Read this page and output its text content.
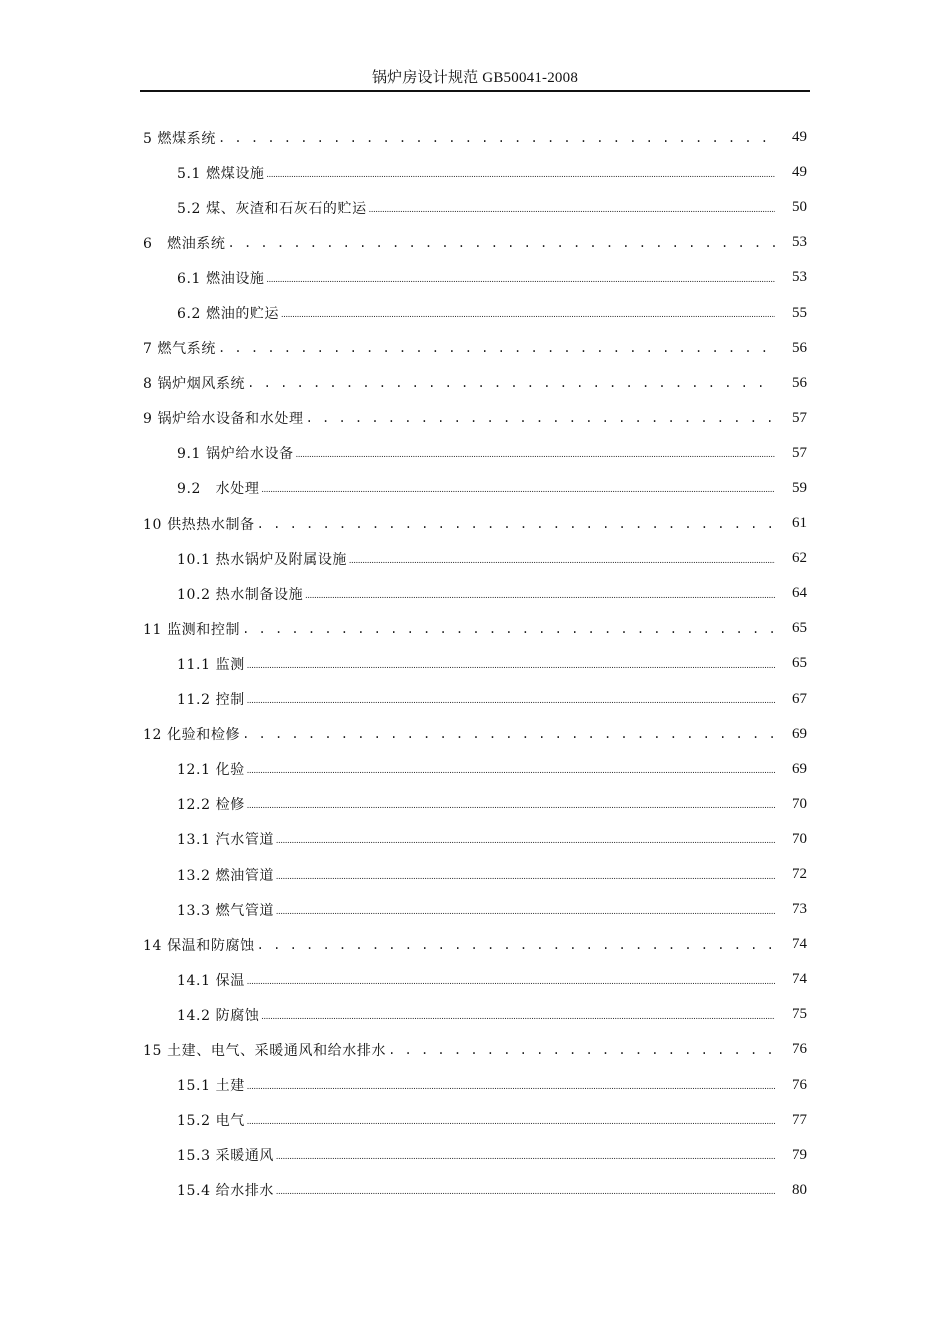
锅炉房设计规范 GB50041-2008
5 燃煤系统 . . .	49
5.1 燃煤设施 .....	49
5.2 煤、灰渣和石灰石的贮运 .....	50
6　燃油系统 . . .	53
6.1 燃油设施 .....	53
6.2 燃油的贮运 .....	55
7 燃气系统 . . .	56
8 锅炉烟风系统 . . .	56
9 锅炉给水设备和水处理 . . .	57
9.1 锅炉给水设备 .....	57
9.2　水处理 .....	59
10 供热热水制备 . . .	61
10.1 热水锅炉及附属设施 .....	62
10.2 热水制备设施 .....	64
11 监测和控制 . . .	65
11.1 监测 .....	65
11.2 控制 .....	67
12 化验和检修 . . .	69
12.1 化验 .....	69
12.2 检修 .....	70
13.1 汽水管道 .....	70
13.2 燃油管道 .....	72
13.3 燃气管道 .....	73
14 保温和防腐蚀 . . .	74
14.1 保温 .....	74
14.2 防腐蚀 .....	75
15 土建、电气、采暖通风和给水排水 . . .	76
15.1 土建 .....	76
15.2 电气 .....	77
15.3 采暖通风 .....	79
15.4 给水排水 .....	80
